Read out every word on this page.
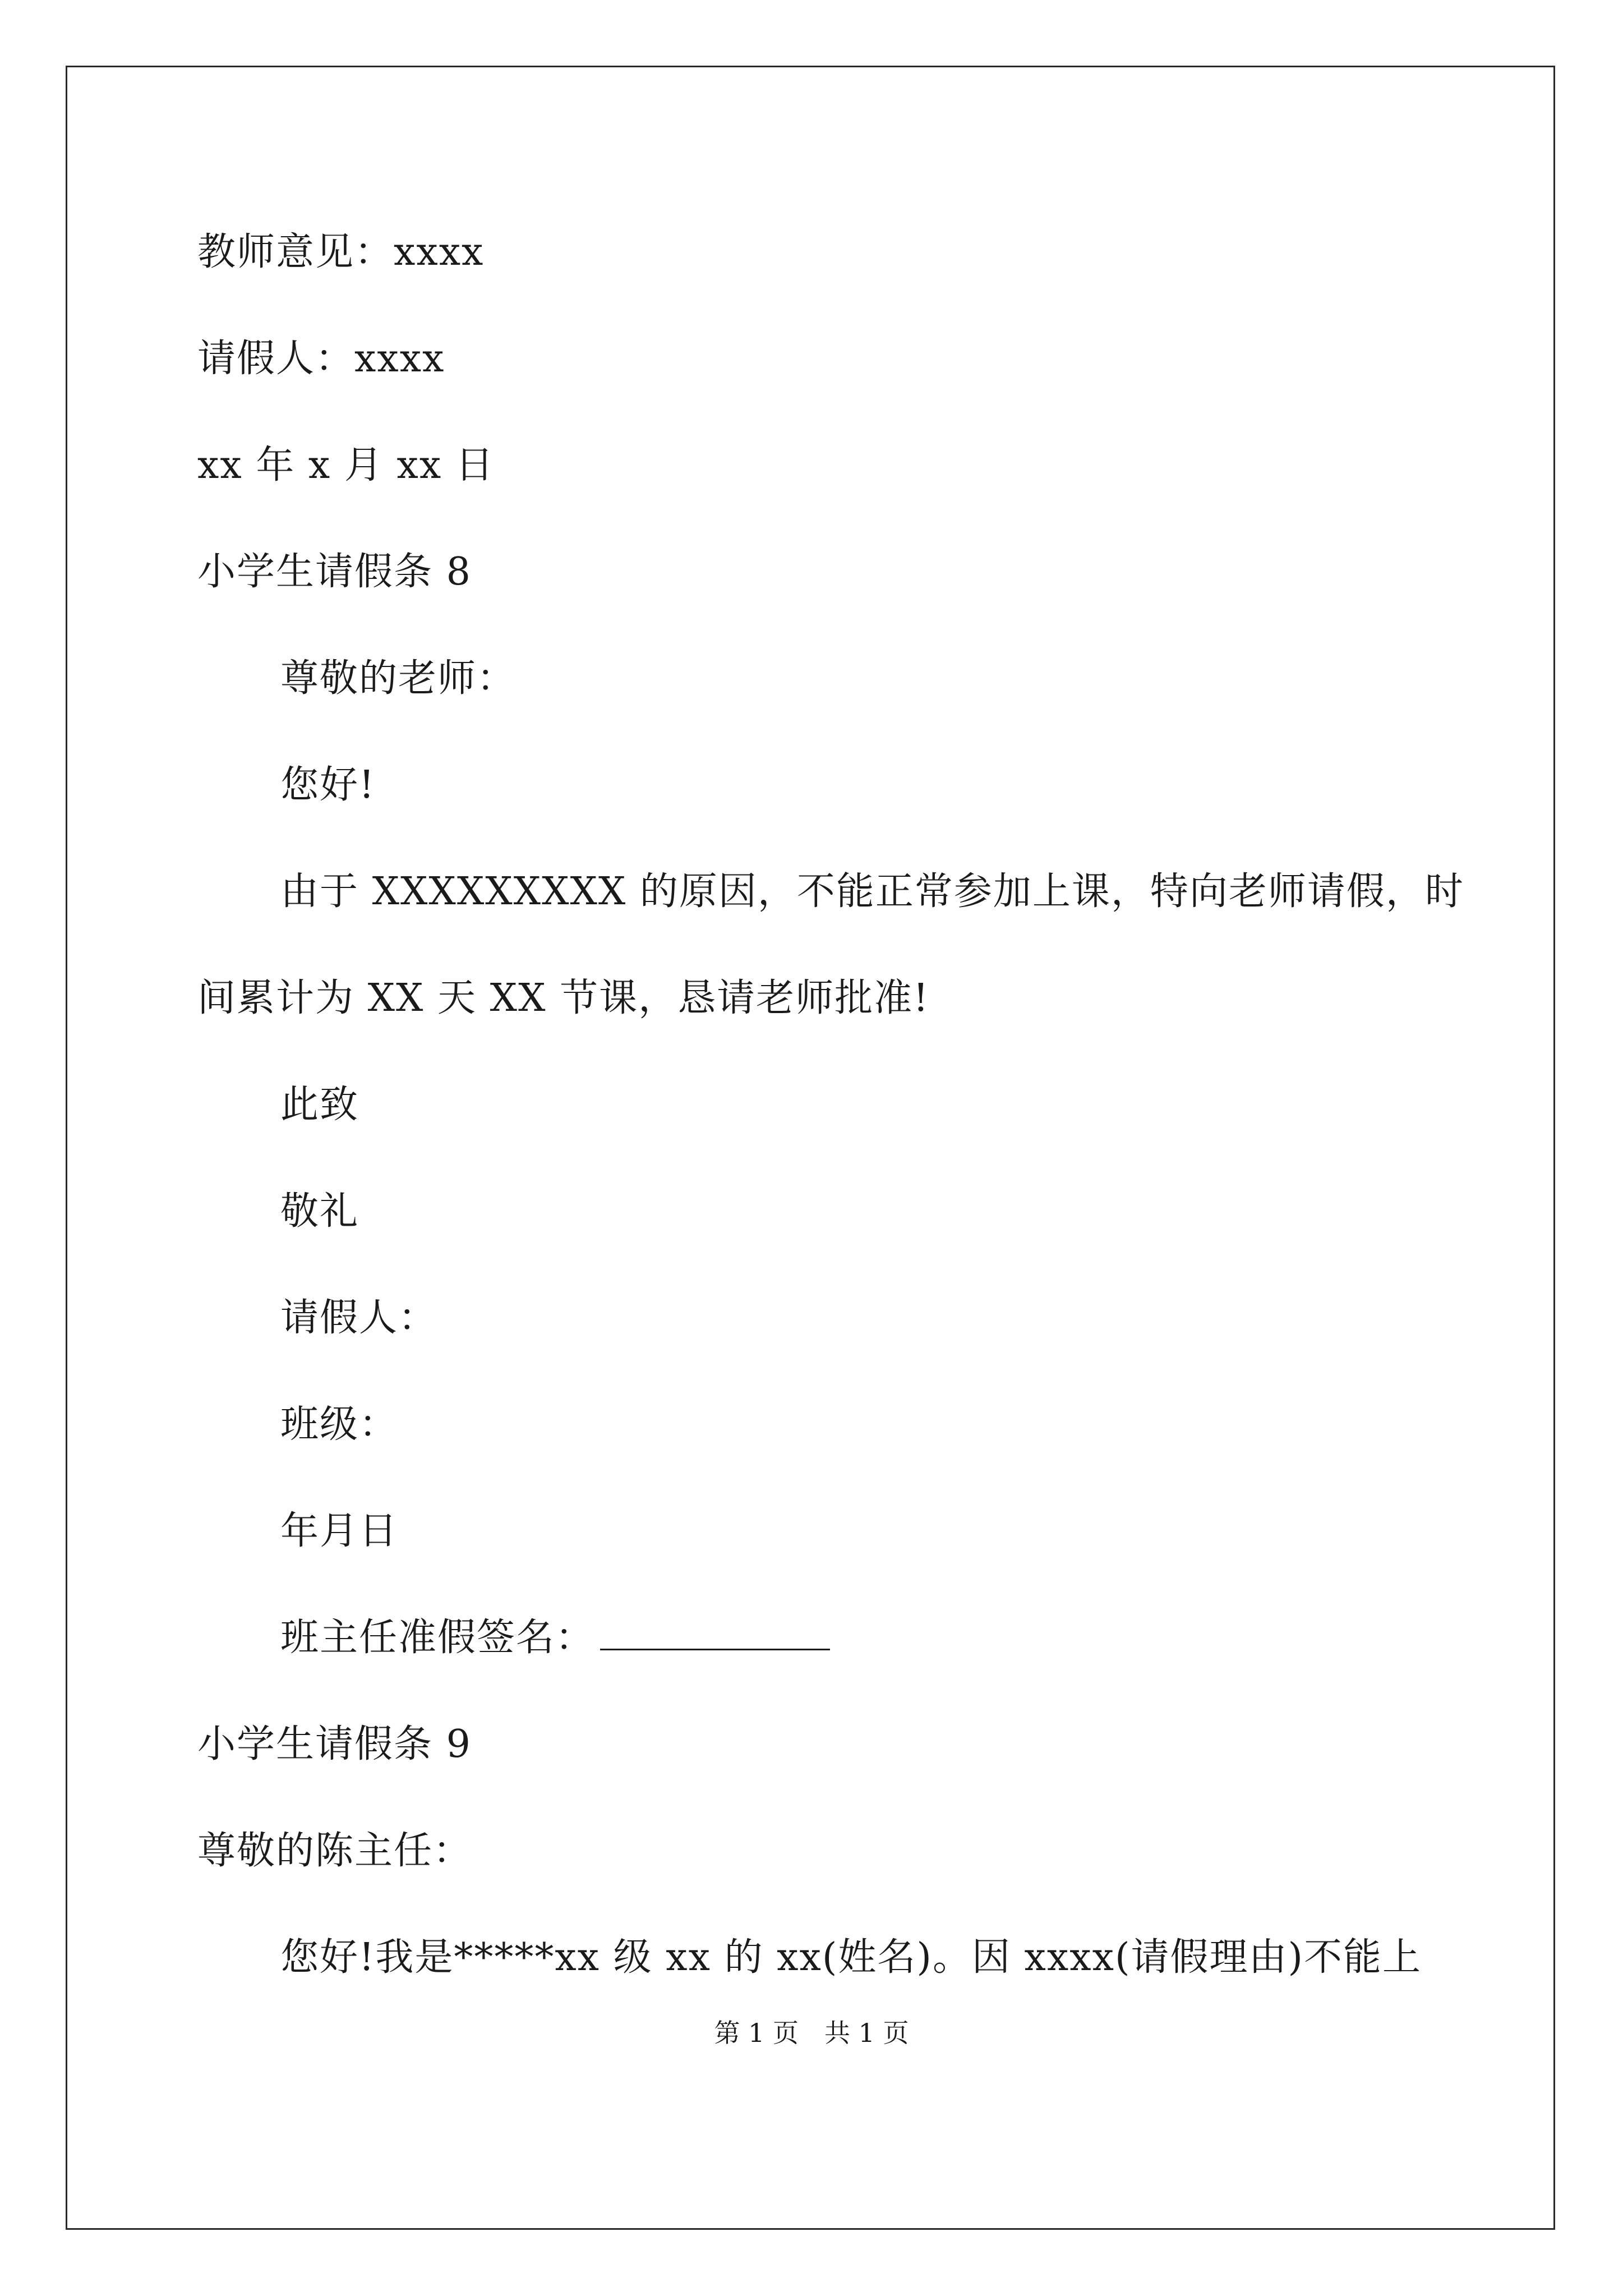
教师意见：xxxx
请假人：xxxx
xx 年 x 月 xx 日
小学生请假条 8
尊敬的老师：
您好!
由于 XXXXXXXXX 的原因，不能正常参加上课，特向老师请假，时
间累计为 XX 天 XX 节课，恳请老师批准!
此致
敬礼
请假人：
班级：
年月日
班主任准假签名：
小学生请假条 9
尊敬的陈主任：
您好!我是*****xx 级 xx 的 xx(姓名)。因 xxxx(请假理由)不能上
第 1 页　共 1 页
